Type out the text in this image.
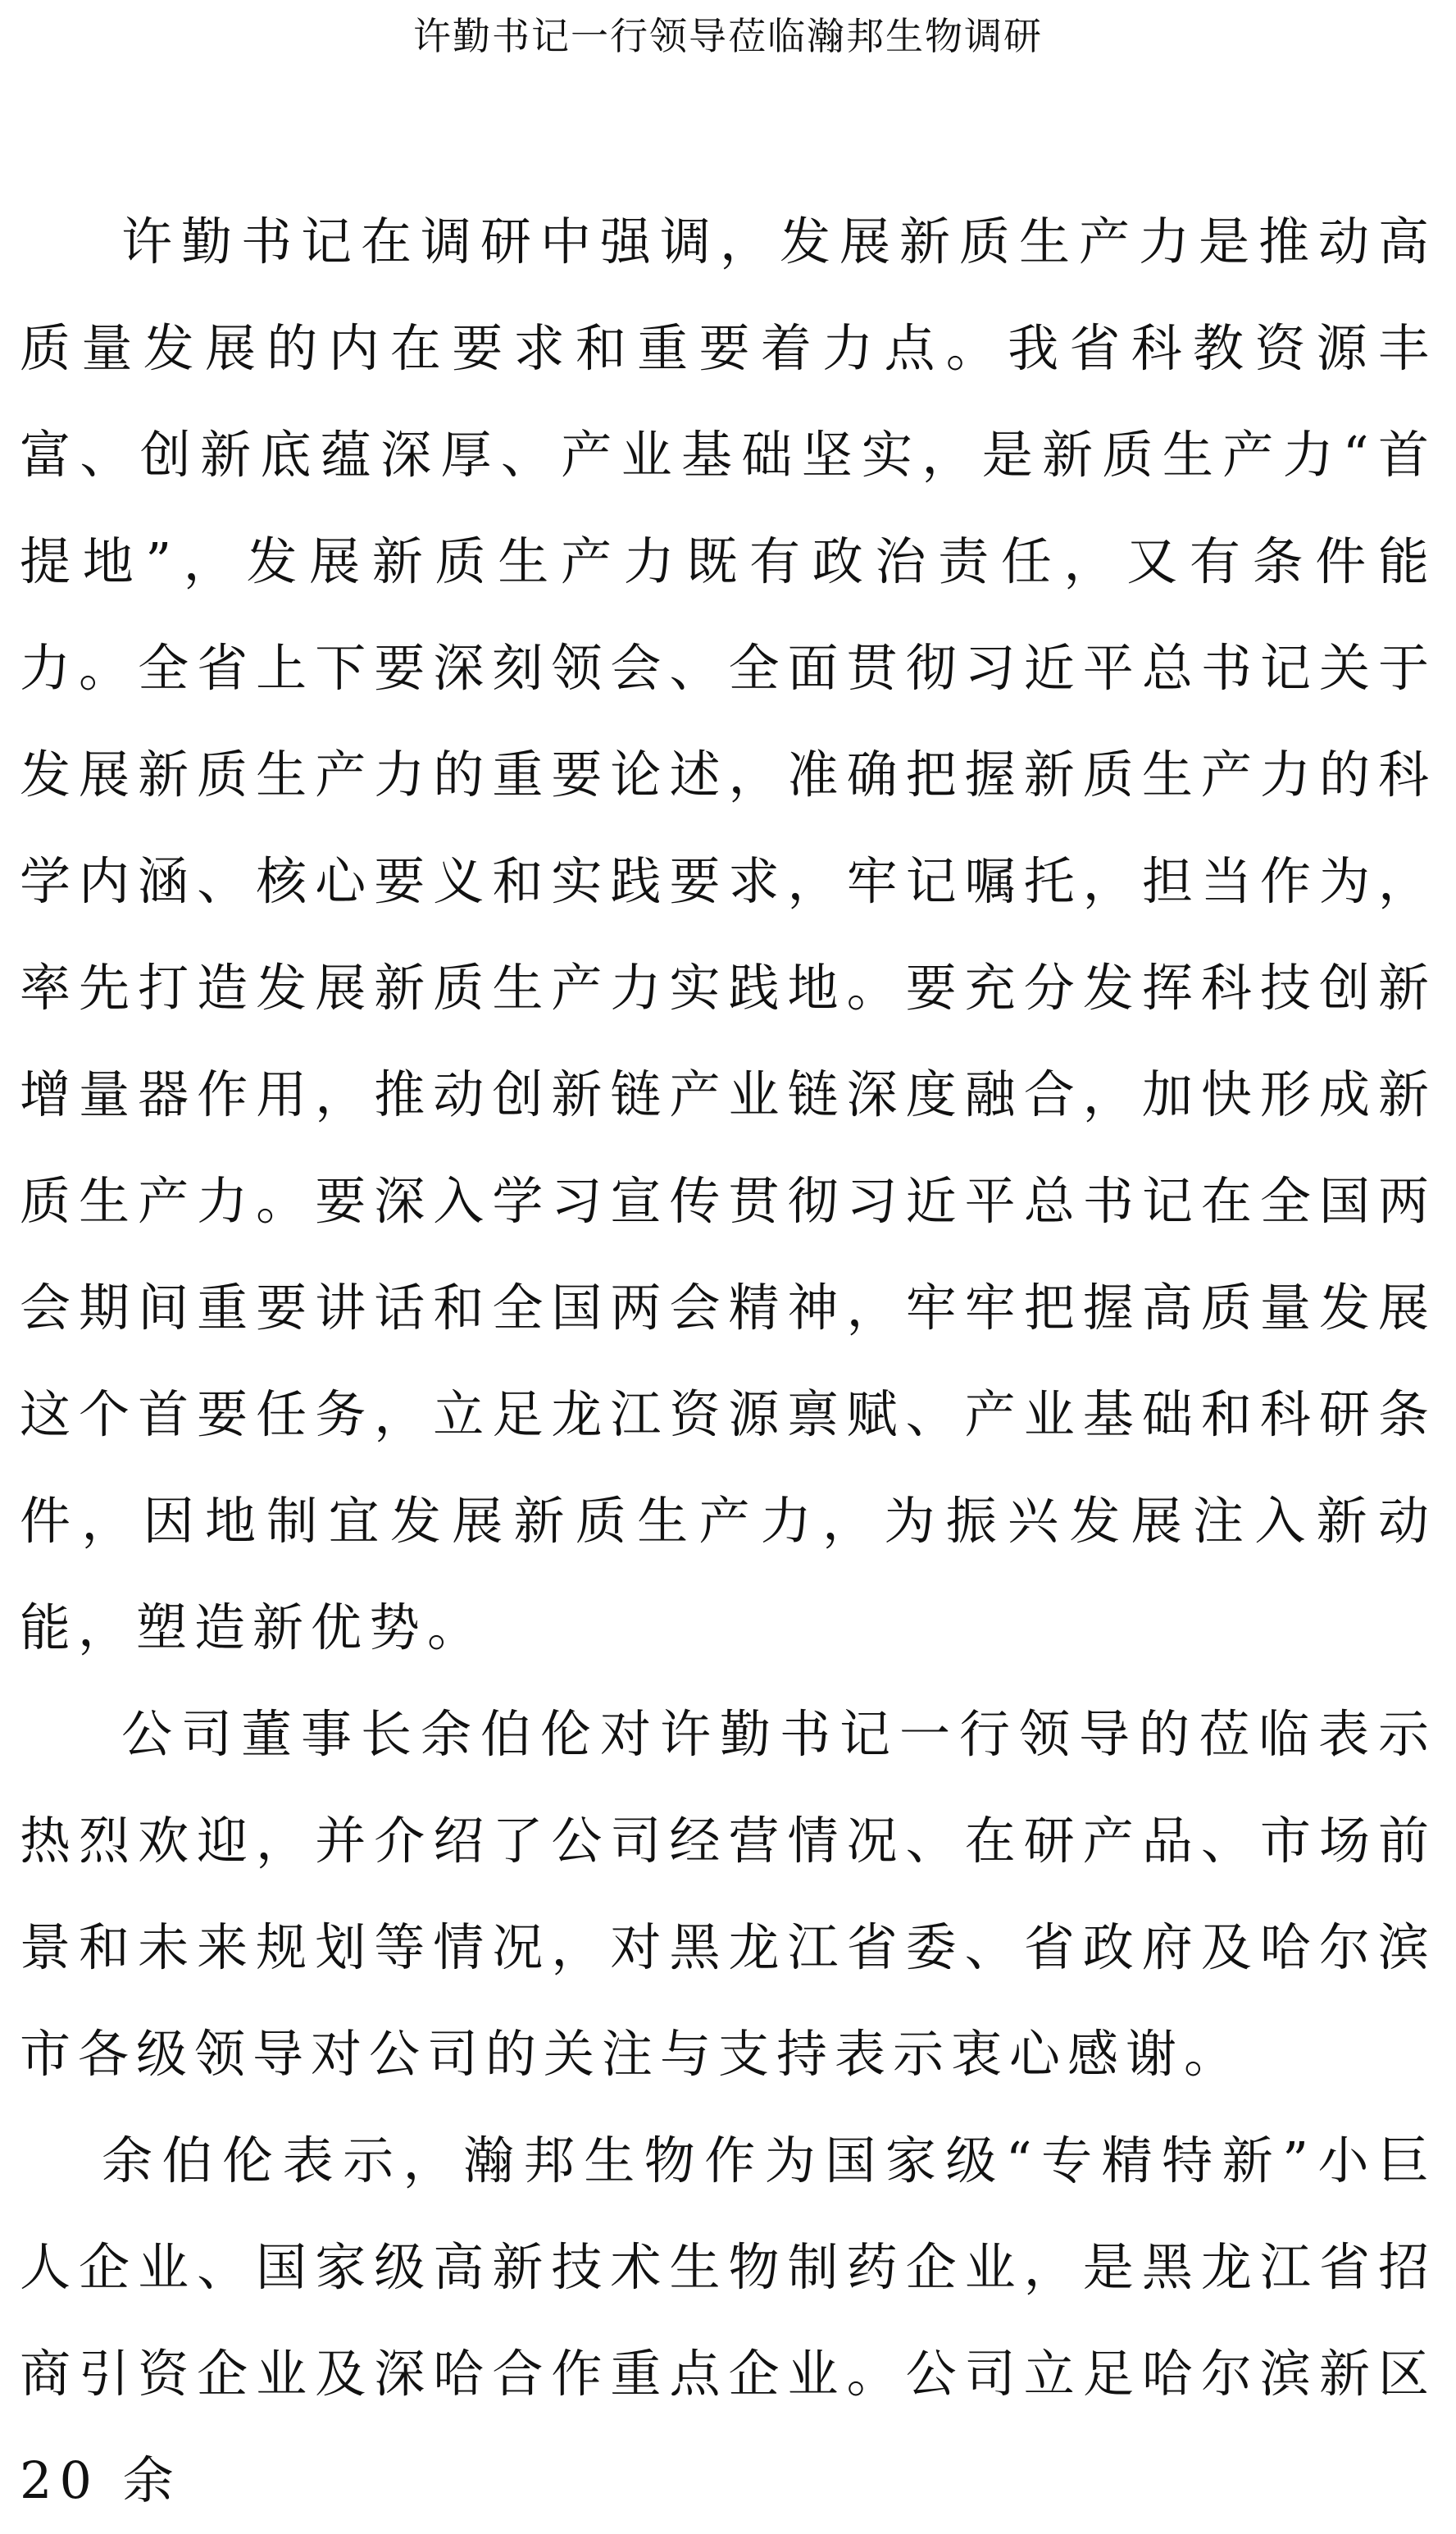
许勤书记一行领导莅临瀚邦生物调研

许勤书记在调研中强调，发展新质生产力是推动高质量发展的内在要求和重要着力点。我省科教资源丰富、创新底蕴深厚、产业基础坚实，是新质生产力“首提地”，发展新质生产力既有政治责任，又有条件能力。全省上下要深刻领会、全面贯彻习近平总书记关于发展新质生产力的重要论述，准确把握新质生产力的科学内涵、核心要义和实践要求，牢记嘱托，担当作为，率先打造发展新质生产力实践地。要充分发挥科技创新增量器作用，推动创新链产业链深度融合，加快形成新质生产力。要深入学习宣传贯彻习近平总书记在全国两会期间重要讲话和全国两会精神，牢牢把握高质量发展这个首要任务，立足龙江资源禀赋、产业基础和科研条件，因地制宜发展新质生产力，为振兴发展注入新动能，塑造新优势。

公司董事长余伯伦对许勤书记一行领导的莅临表示热烈欢迎，并介绍了公司经营情况、在研产品、市场前景和未来规划等情况，对黑龙江省委、省政府及哈尔滨市各级领导对公司的关注与支持表示衷心感谢。

余伯伦表示，瀚邦生物作为国家级“专精特新”小巨人企业、国家级高新技术生物制药企业，是黑龙江省招商引资企业及深哈合作重点企业。公司立足哈尔滨新区 20 余
